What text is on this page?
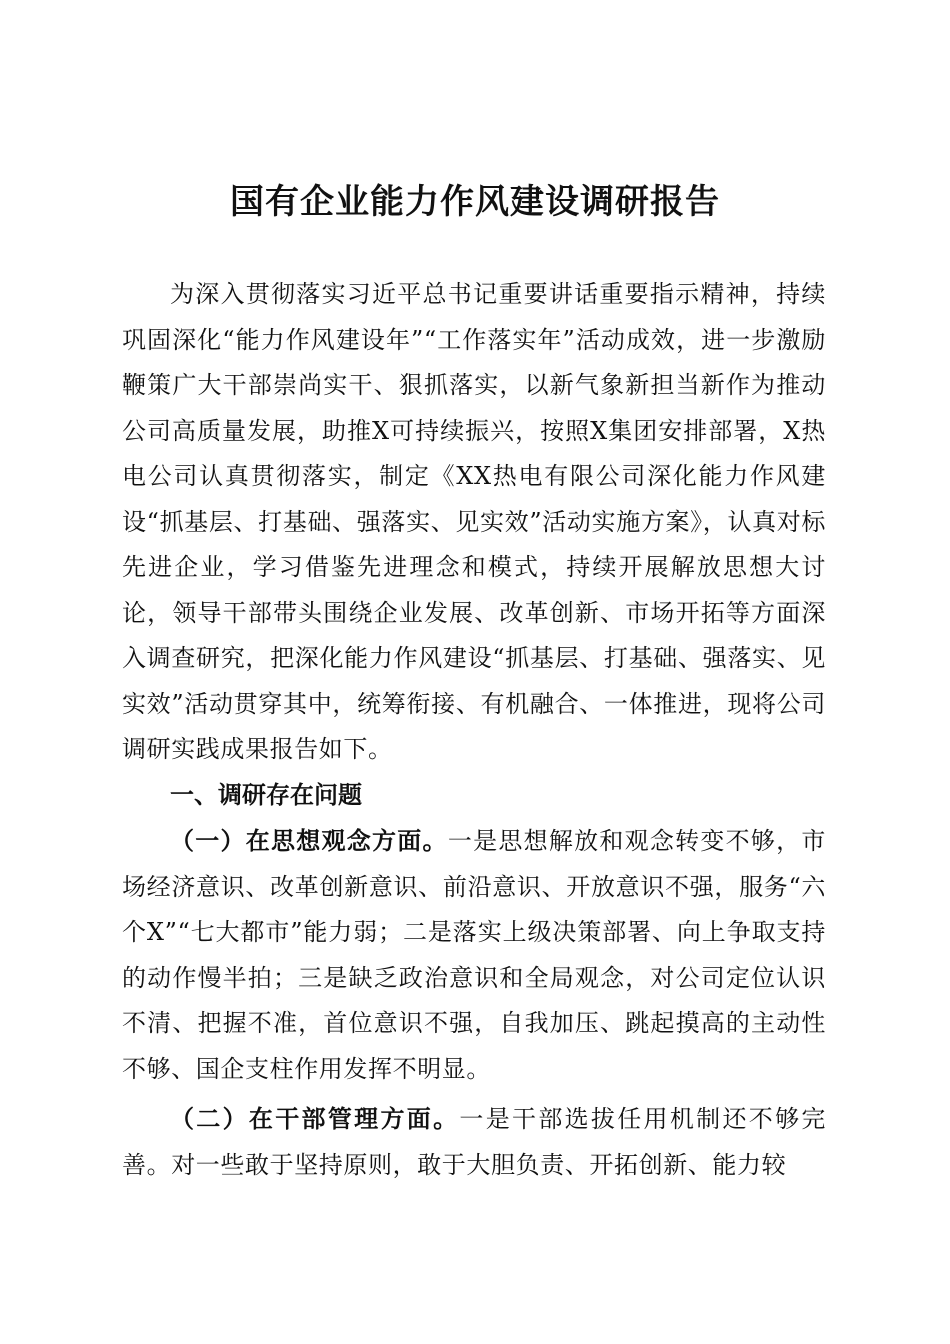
国有企业能力作风建设调研报告

为深入贯彻落实习近平总书记重要讲话重要指示精神，持续巩固深化“能力作风建设年”“工作落实年”活动成效，进一步激励鞭策广大干部崇尚实干、狠抓落实，以新气象新担当新作为推动公司高质量发展，助推X可持续振兴，按照X集团安排部署，X热电公司认真贯彻落实，制定《XX热电有限公司深化能力作风建设“抓基层、打基础、强落实、见实效”活动实施方案》，认真对标先进企业，学习借鉴先进理念和模式，持续开展解放思想大讨论，领导干部带头围绕企业发展、改革创新、市场开拓等方面深入调查研究，把深化能力作风建设“抓基层、打基础、强落实、见实效”活动贯穿其中，统筹衔接、有机融合、一体推进，现将公司调研实践成果报告如下。

一、调研存在问题

（一）在思想观念方面。一是思想解放和观念转变不够，市场经济意识、改革创新意识、前沿意识、开放意识不强，服务“六个X”“七大都市”能力弱；二是落实上级决策部署、向上争取支持的动作慢半拍；三是缺乏政治意识和全局观念，对公司定位认识不清、把握不准，首位意识不强，自我加压、跳起摸高的主动性不够、国企支柱作用发挥不明显。

（二）在干部管理方面。一是干部选拔任用机制还不够完善。对一些敢于坚持原则，敢于大胆负责、开拓创新、能力较
